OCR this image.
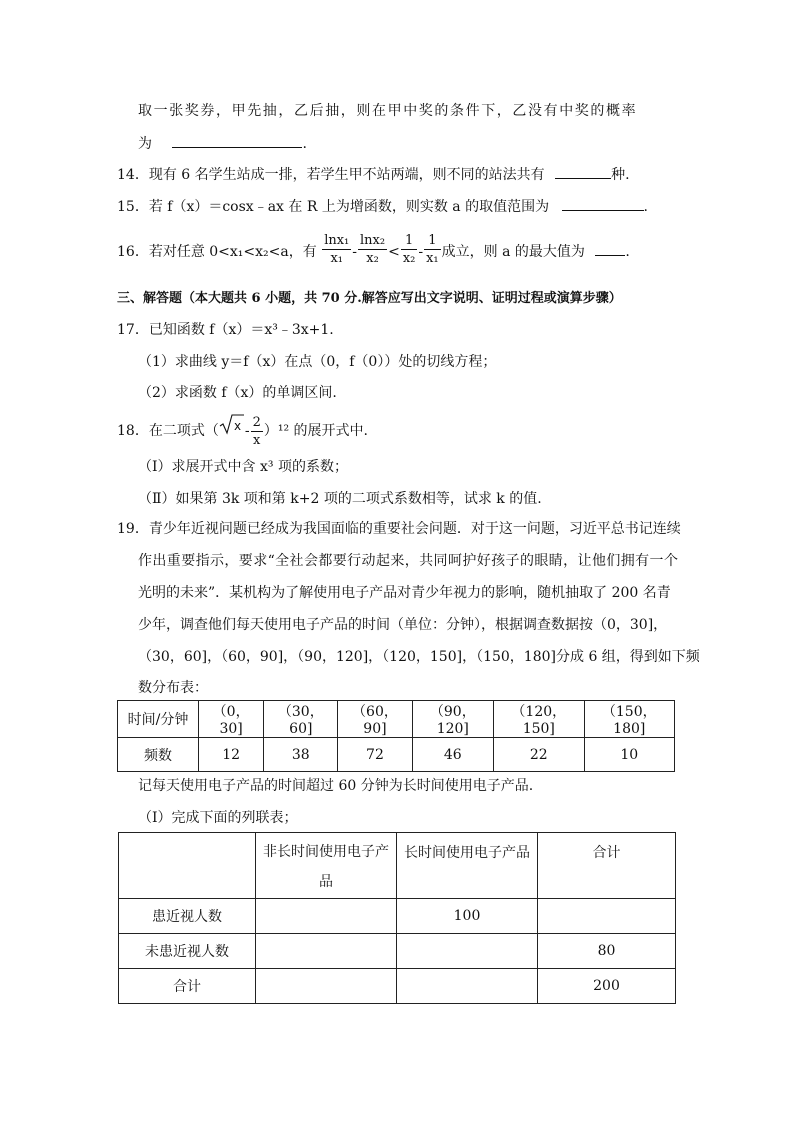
取一张奖券，甲先抽，乙后抽，则在甲中奖的条件下，乙没有中奖的概率
为	.
14．现有 6 名学生站成一排，若学生甲不站两端，则不同的站法共有	种.
15．若 f（x）＝cosx﹣ax 在 R 上为增函数，则实数 a 的取值范围为	.
16．若对任意 0<x₁<x₂<a，有 $\frac{\text{lnx₁}}{\text{x₁}} - \frac{\text{lnx₂}}{\text{x₂}} < \frac{1}{\text{x₂}} - \frac{1}{\text{x₁}}$ 成立，则 a 的最大值为	.
三、解答题（本大题共 6 小题，共 70 分.解答应写出文字说明、证明过程或演算步骤）
17．已知函数 f（x）＝x³﹣3x+1.
（1）求曲线 y＝f（x）在点（0，f（0））处的切线方程；
（2）求函数 f（x）的单调区间.
18．在二项式（ x - $\frac{2}{x} )^{12}$ 的展开式中.
（Ⅰ）求展开式中含 x³ 项的系数；
（Ⅱ）如果第 3k 项和第 k+2 项的二项式系数相等，试求 k 的值.
19．青少年近视问题已经成为我国面临的重要社会问题．对于这一问题，习近平总书记连续
作出重要指示，要求“全社会都要行动起来，共同呵护好孩子的眼睛，让他们拥有一个
光明的未来”．某机构为了解使用电子产品对青少年视力的影响，随机抽取了 200 名青
少年，调查他们每天使用电子产品的时间（单位：分钟），根据调查数据按（0，30]，
（30，60]，（60，90]，（90，120]，（120，150]，（150，180]分成 6 组，得到如下频
数分布表：
时间/分钟	（0，30]	（30，60]	（60，90]	（90，120]	（120，150]	（150，180]
频数	12	38	72	46	22	10
记每天使用电子产品的时间超过 60 分钟为长时间使用电子产品.
（Ⅰ）完成下面的列联表；
	非长时间使用电子产品	长时间使用电子产品	合计
患近视人数		100	
未患近视人数			80
合计			200
